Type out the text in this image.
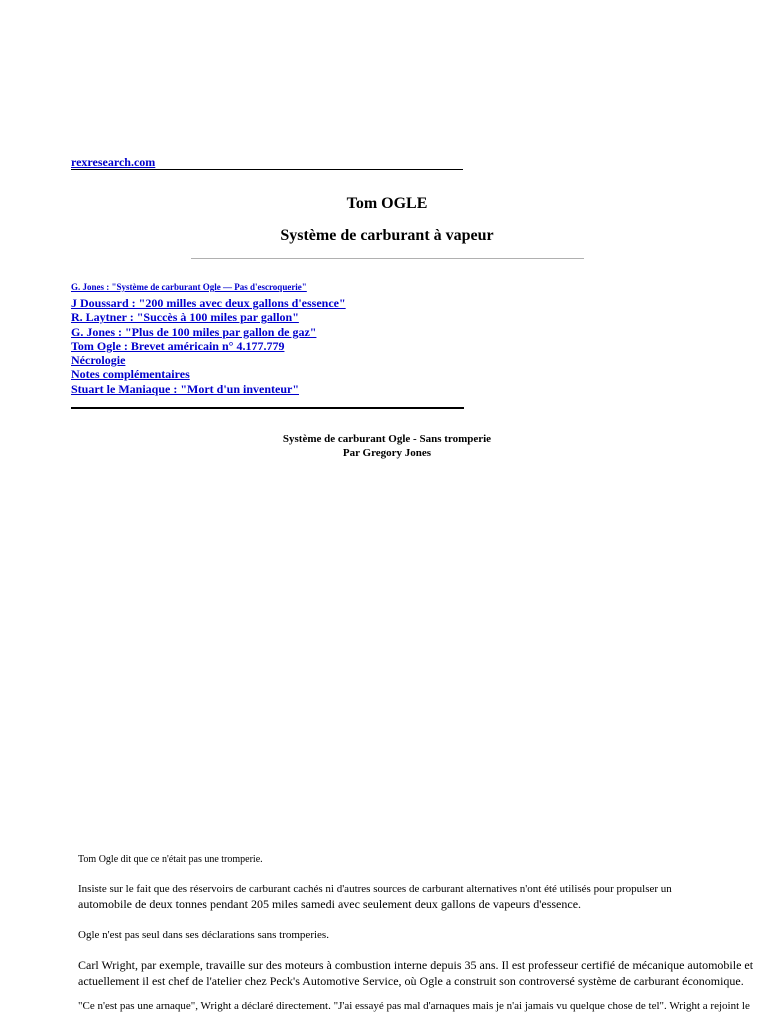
rexresearch.com
Tom OGLE
Système de carburant à vapeur
G. Jones : "Système de carburant Ogle — Pas d'escroquerie"
J Doussard : "200 milles avec deux gallons d'essence"
R. Laytner : "Succès à 100 miles par gallon"
G. Jones : "Plus de 100 miles par gallon de gaz"
Tom Ogle : Brevet américain n° 4.177.779
Nécrologie
Notes complémentaires
Stuart le Maniaque : "Mort d'un inventeur"
Système de carburant Ogle - Sans tromperie
Par Gregory Jones

Tom Ogle dit que ce n'était pas une tromperie.

Insiste sur le fait que des réservoirs de carburant cachés ni d'autres sources de carburant alternatives n'ont été utilisés pour propulser un
automobile de deux tonnes pendant 205 miles samedi avec seulement deux gallons de vapeurs d'essence.

Ogle n'est pas seul dans ses déclarations sans tromperies.

Carl Wright, par exemple, travaille sur des moteurs à combustion interne depuis 35 ans. Il est professeur certifié de mécanique automobile et actuellement il est chef de l'atelier chez Peck's Automotive Service, où Ogle a construit son controversé système de carburant économique.

"Ce n'est pas une arnaque", Wright a déclaré directement. "J'ai essayé pas mal d'arnaques mais je n'ai jamais vu quelque chose de tel". Wright a rejoint le
